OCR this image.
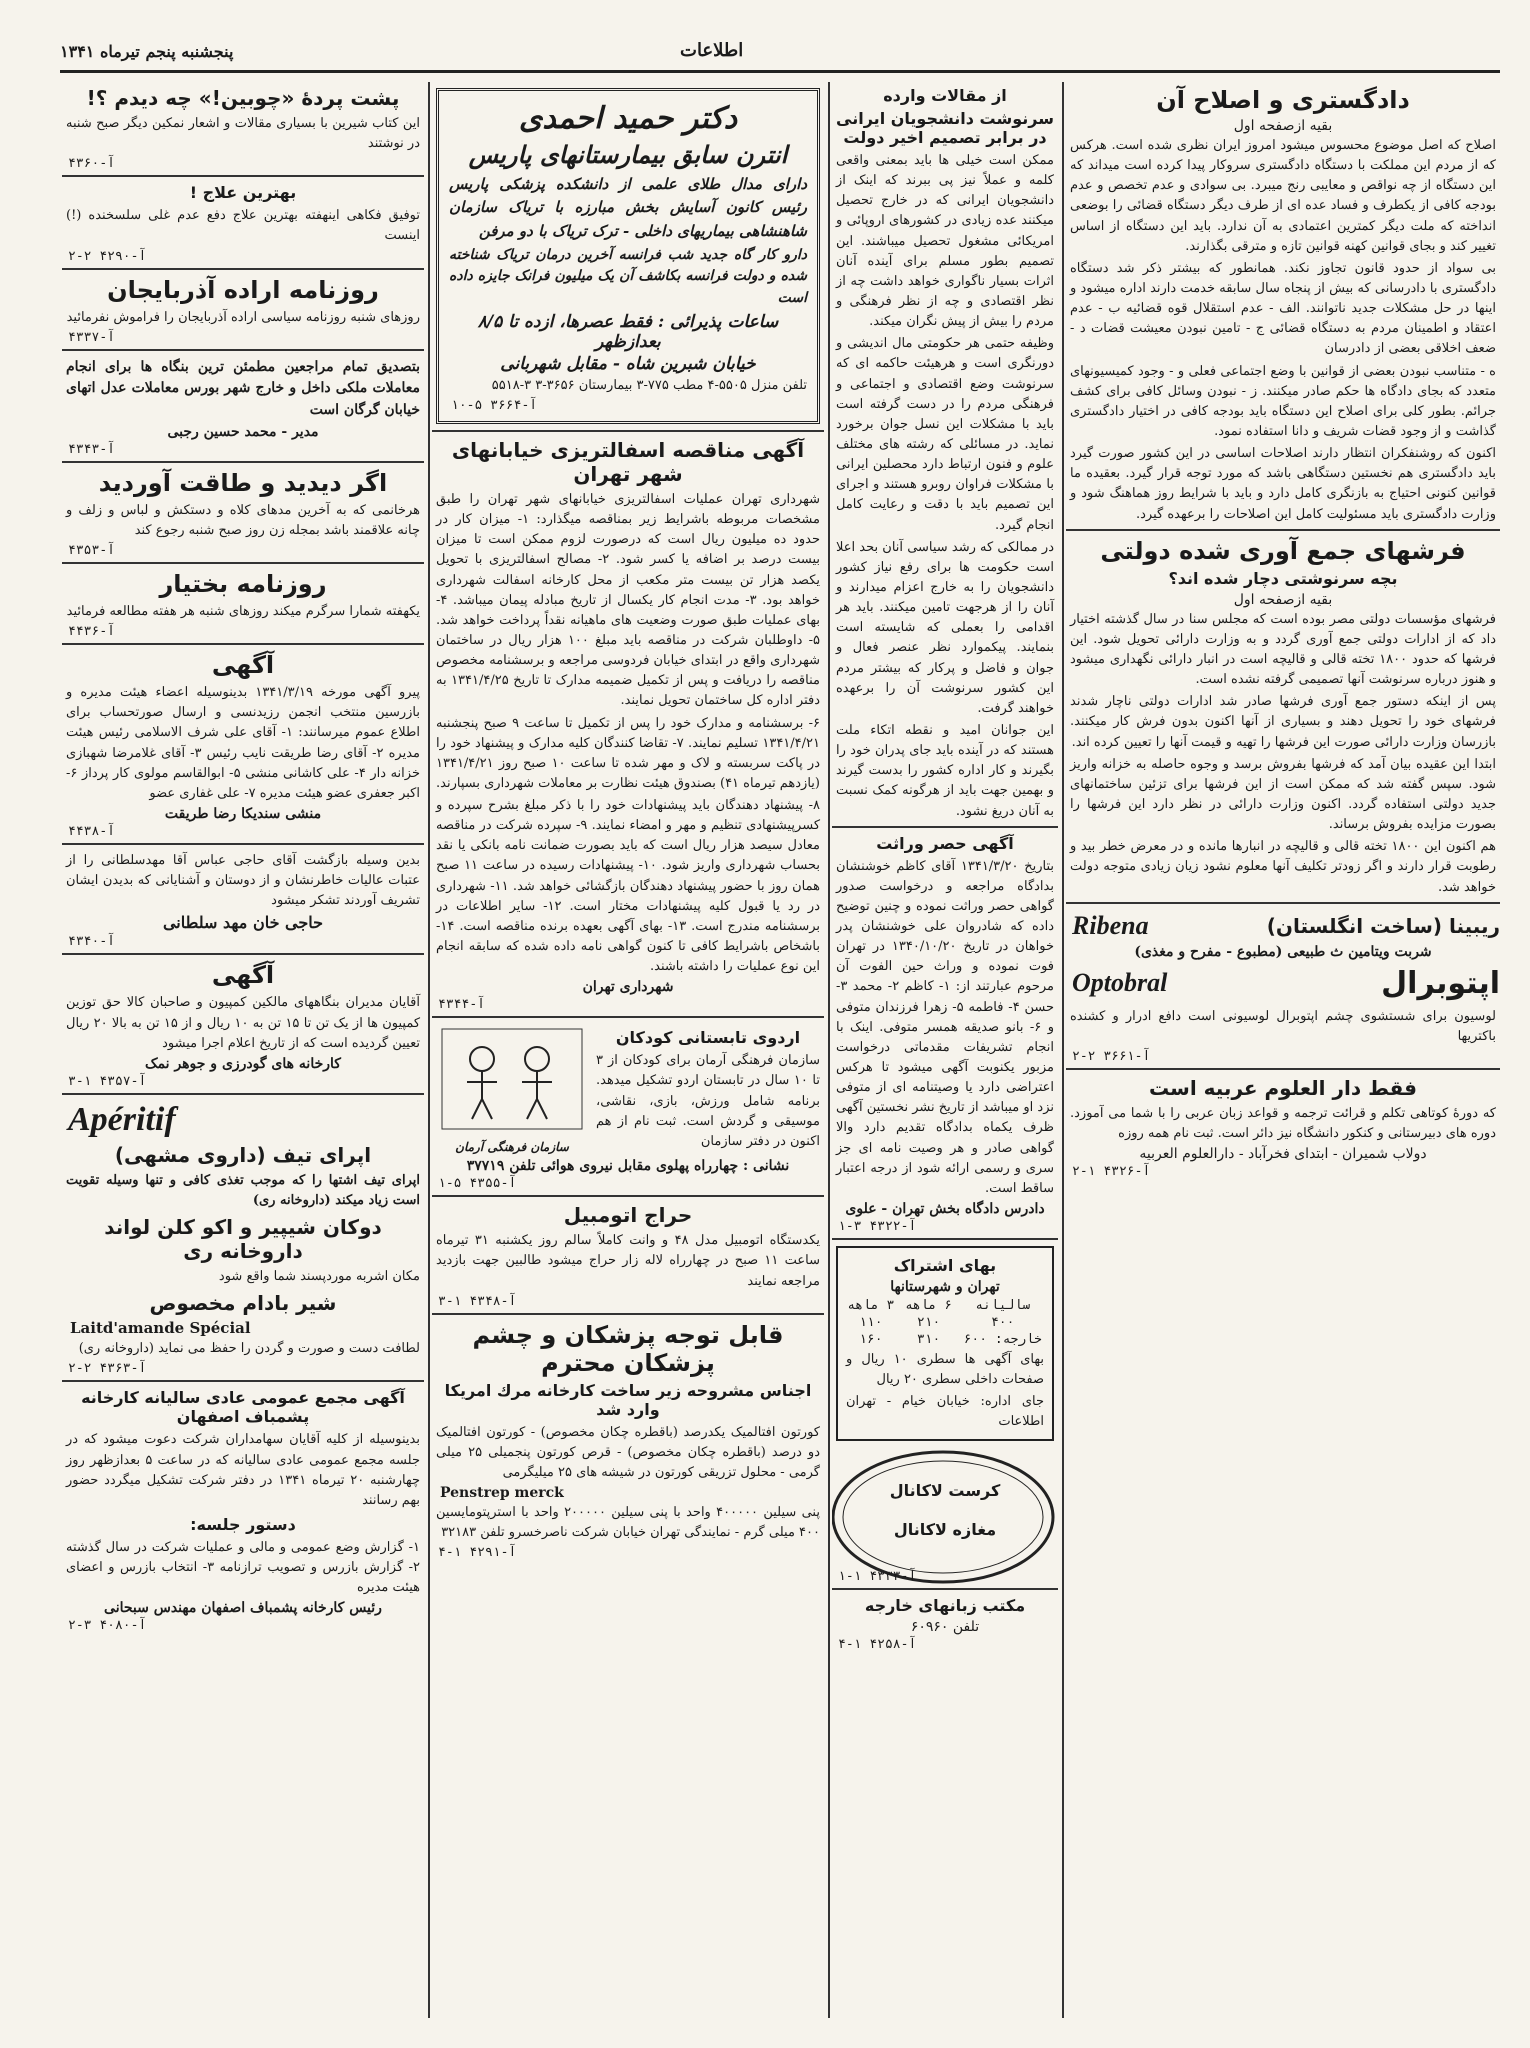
پنجشنبه پنجم تیرماه ۱۳۴۱	اطلاعات
پشت پردهٔ «چوبین!» چه دیدم ؟!
این کتاب شیرین با بسیاری مقالات و اشعار نمکین دیگر صبح شنبه در نوشتند
آ-۴۳۶۰
بهترین علاج !
توفیق فکاهی اینهفته بهترین علاج دفع عدم غلی سلسخنده (!) اینست
آ-۴۲۹۰ ۲-۲
روزنامه اراده آذربایجان
روزهای شنبه روزنامه سیاسی اراده آذربایجان را فراموش نفرمائید
آ-۴۳۳۷
بتصدیق تمام مراجعین مطمئن ترین بنگاه ها برای انجام معاملات ملکی داخل و خارج شهر بورس معاملات عدل اتهای خیابان گرگان است
مدیر - محمد حسین رجبی
آ-۴۳۴۳
اگر دیدید و طاقت آوردید
هرخانمی که به آخرین مدهای کلاه و دستکش و لباس و زلف و چانه علاقمند باشد بمجله زن روز صبح شنبه رجوع کند
آ-۴۳۵۳
روزنامه بختیار
یکهفته شمارا سرگرم میکند روزهای شنبه هر هفته مطالعه فرمائید
آ-۴۴۳۶
آگهی
پیرو آگهی مورخه ۱۳۴۱/۳/۱۹ بدینوسیله اعضاء هیئت مدیره و بازرسین منتخب انجمن رزیدنسی و ارسال صورتحساب برای اطلاع عموم میرسانند: ۱- آقای علی شرف الاسلامی رئیس هیئت مدیره ۲- آقای رضا طریقت نایب رئیس ۳- آقای غلامرضا شهبازی خزانه دار ۴- علی کاشانی منشی ۵- ابوالقاسم مولوی کار پرداز ۶- اکبر جعفری عضو هیئت مدیره ۷- علی غفاری عضو
منشی سندیکا رضا طریقت
آ-۴۴۳۸
بدین وسیله بازگشت آقای حاجی عباس آقا مهدسلطانی را از عتبات عالیات خاطرنشان و از دوستان و آشنایانی که بدیدن ایشان تشریف آوردند تشکر میشود
حاجی خان مهد سلطانی
آ-۴۳۴۰
آگهی
آقایان مدیران بنگاههای مالکین کمپیون و صاحبان کالا حق توزین کمپیون ها از یک تن تا ۱۵ تن به ۱۰ ریال و از ۱۵ تن به بالا ۲۰ ریال تعیین گردیده است که از تاریخ اعلام اجرا میشود
کارخانه های گودرزی و جوهر نمک
آ-۴۳۵۷ ۱-۳
Apéritif
اپرای تیف (داروی مشهی)
اپرای تیف اشتها را که موجب تغذی کافی و تنها وسیله تقویت است زیاد میکند (داروخانه ری)
دوکان شیپیر و اکو کلن لواند داروخانه ری
مکان اشربه موردپسند شما واقع شود
شیر بادام مخصوص
Laitd'amande Spécial
لطافت دست و صورت و گردن را حفظ می نماید (داروخانه ری)
آ-۴۳۶۳ ۲-۲
آگهی مجمع عمومی عادی سالیانه کارخانه پشمباف اصفهان
بدینوسیله از کلیه آقایان سهامداران شرکت دعوت میشود که در جلسه مجمع عمومی عادی سالیانه که در ساعت ۵ بعدازظهر روز چهارشنبه ۲۰ تیرماه ۱۳۴۱ در دفتر شرکت تشکیل میگردد حضور بهم رسانند
دستور جلسه:
۱- گزارش وضع عمومی و مالی و عملیات شرکت در سال گذشته ۲- گزارش بازرس و تصویب ترازنامه ۳- انتخاب بازرس و اعضای هیئت مدیره
رئیس کارخانه پشمباف اصفهان مهندس سبحانی
آ-۴۰۸۰ ۳-۲
دکتر حمید احمدی
انترن سابق بیمارستانهای پاریس
دارای مدال طلای علمی از دانشکده پزشکی پاریس رئیس کانون آسایش بخش مبارزه با تریاک سازمان شاهنشاهی بیماریهای داخلی - ترک تریاک با دو مرفن
دارو کار گاه جدید شب فرانسه آخرین درمان تریاک شناخته شده و دولت فرانسه بکاشف آن یک میلیون فرانک جایزه داده است
ساعات پذیرائی : فقط عصرها، ازده تا ۸/۵ بعدازظهر
خیابان شبرین شاه - مقابل شهربانی
تلفن منزل ۵۵۰۵-۴ مطب ۷۷۵-۳ بیمارستان ۳۶۵۶-۳ ۳-۵۵۱۸
آ-۳۶۶۴ ۵-۱۰
آگهی مناقصه اسفالتریزی خیابانهای شهر تهران
شهرداری تهران عملیات اسفالتریزی خیابانهای شهر تهران را طبق مشخصات مربوطه باشرایط زیر بمناقصه میگذارد: ۱- میزان کار در حدود ده میلیون ریال است که درصورت لزوم ممکن است تا میزان بیست درصد بر اضافه یا کسر شود. ۲- مصالح اسفالتریزی با تحویل یکصد هزار تن بیست متر مکعب از محل کارخانه اسفالت شهرداری خواهد بود. ۳- مدت انجام کار یکسال از تاریخ مبادله پیمان میباشد. ۴- بهای عملیات طبق صورت وضعیت های ماهیانه نقداً پرداخت خواهد شد. ۵- داوطلبان شرکت در مناقصه باید مبلغ ۱۰۰ هزار ریال در ساختمان شهرداری واقع در ابتدای خیابان فردوسی مراجعه و برسشنامه مخصوص مناقصه را دریافت و پس از تکمیل ضمیمه مدارک تا تاریخ ۱۳۴۱/۴/۲۵ به دفتر اداره کل ساختمان تحویل نمایند.
۶- برسشنامه و مدارک خود را پس از تکمیل تا ساعت ۹ صبح پنجشنبه ۱۳۴۱/۴/۲۱ تسلیم نمایند. ۷- تقاضا کنندگان کلیه مدارک و پیشنهاد خود را در پاکت سربسته و لاک و مهر شده تا ساعت ۱۰ صبح روز ۱۳۴۱/۴/۲۱ (یازدهم تیرماه ۴۱) بصندوق هیئت نظارت بر معاملات شهرداری بسپارند.
۸- پیشنهاد دهندگان باید پیشنهادات خود را با ذکر مبلغ بشرح سپرده و کسرپیشنهادی تنظیم و مهر و امضاء نمایند. ۹- سپرده شرکت در مناقصه معادل سیصد هزار ریال است که باید بصورت ضمانت نامه بانکی یا نقد بحساب شهرداری واریز شود. ۱۰- پیشنهادات رسیده در ساعت ۱۱ صبح همان روز با حضور پیشنهاد دهندگان بازگشائی خواهد شد. ۱۱- شهرداری در رد یا قبول کلیه پیشنهادات مختار است. ۱۲- سایر اطلاعات در برسشنامه مندرج است. ۱۳- بهای آگهی بعهده برنده مناقصه است. ۱۴- باشخاص باشرایط کافی تا کنون گواهی نامه داده شده که سابقه انجام این نوع عملیات را داشته باشند.
شهرداری تهران
آ-۴۳۴۴
اردوی تابستانی کودکان
سازمان فرهنگی آرمان برای کودکان از ۳ تا ۱۰ سال در تابستان اردو تشکیل میدهد. برنامه شامل ورزش، بازی، نقاشی، موسیقی و گردش است. ثبت نام از هم اکنون در دفتر سازمان
سازمان فرهنگی آرمان
نشانی : چهارراه پهلوی مقابل نیروی هوائی تلفن ۳۷۷۱۹
آ-۴۳۵۵ ۵-۱
حراج اتومبیل
یکدستگاه اتومبیل مدل ۴۸ و وانت کاملاً سالم روز یکشنبه ۳۱ تیرماه ساعت ۱۱ صبح در چهارراه لاله زار حراج میشود طالبین جهت بازدید مراجعه نمایند
آ-۴۳۴۸ ۱-۳
قابل توجه پزشکان و چشم پزشکان محترم
اجناس مشروحه زیر ساخت کارخانه مرك امریکا وارد شد
کورتون افتالمیک یکدرصد (باقطره چکان مخصوص) - کورتون افتالمیک دو درصد (باقطره چکان مخصوص) - قرص کورتون پنجمیلی ۲۵ میلی گرمی - محلول تزریقی کورتون در شیشه های ۲۵ میلیگرمی
Penstrep merck
پنی سیلین ۴۰۰۰۰۰ واحد با پنی سیلین ۲۰۰۰۰۰ واحد با استرپتومایسین ۴۰۰ میلی گرم - نمایندگی تهران خیابان شرکت ناصرخسرو تلفن ۳۲۱۸۳
آ-۴۲۹۱ ۱-۴
از مقالات وارده
سرنوشت دانشجویان ایرانی در برابر تصمیم اخیر دولت
ممکن است خیلی ها باید بمعنی واقعی کلمه و عملاً نیز پی ببرند که اینک از دانشجویان ایرانی که در خارج تحصیل میکنند عده زیادی در کشورهای اروپائی و امریکائی مشغول تحصیل میباشند. این تصمیم بطور مسلم برای آینده آنان اثرات بسیار ناگواری خواهد داشت چه از نظر اقتصادی و چه از نظر فرهنگی و مردم را بیش از پیش نگران میکند.
وظیفه حتمی هر حکومتی مال اندیشی و دورنگری است و هرهیئت حاکمه ای که سرنوشت وضع اقتصادی و اجتماعی و فرهنگی مردم را در دست گرفته است باید با مشکلات این نسل جوان برخورد نماید. در مسائلی که رشته های مختلف علوم و فنون ارتباط دارد محصلین ایرانی با مشکلات فراوان روبرو هستند و اجرای این تصمیم باید با دقت و رعایت کامل انجام گیرد.
در ممالکی که رشد سیاسی آنان بحد اعلا است حکومت ها برای رفع نیاز کشور دانشجویان را به خارج اعزام میدارند و آنان را از هرجهت تامین میکنند. باید هر اقدامی را بعملی که شایسته است بنمایند. پیکموارد نظر عنصر فعال و جوان و فاضل و پرکار که بیشتر مردم این کشور سرنوشت آن را برعهده خواهند گرفت.
این جوانان امید و نقطه اتکاء ملت هستند که در آینده باید جای پدران خود را بگیرند و کار اداره کشور را بدست گیرند و بهمین جهت باید از هرگونه کمک نسبت به آنان دریغ نشود.
آگهی حصر وراثت
بتاریخ ۱۳۴۱/۳/۲۰ آقای کاظم خوشنشان بدادگاه مراجعه و درخواست صدور گواهی حصر وراثت نموده و چنین توضیح داده که شادروان علی خوشنشان پدر خواهان در تاریخ ۱۳۴۰/۱۰/۲۰ در تهران فوت نموده و وراث حین الفوت آن مرحوم عبارتند از: ۱- کاظم ۲- محمد ۳- حسن ۴- فاطمه ۵- زهرا فرزندان متوفی و ۶- بانو صدیقه همسر متوفی. اینک با انجام تشریفات مقدماتی درخواست مزبور یکنوبت آگهی میشود تا هرکس اعتراضی دارد یا وصیتنامه ای از متوفی نزد او میباشد از تاریخ نشر نخستین آگهی ظرف یکماه بدادگاه تقدیم دارد والا گواهی صادر و هر وصیت نامه ای جز سری و رسمی ارائه شود از درجه اعتبار ساقط است.
دادرس دادگاه بخش تهران - علوی
آ-۴۳۲۲ ۳-۱
بهای اشتراک
تهران و شهرستانها
ساليانه	۶ ماهه	۳ ماهه
۴۰۰	۲۱۰	۱۱۰
خارجه: ۶۰۰	۳۱۰	۱۶۰
بهای آگهی ها سطری ۱۰ ریال و صفحات داخلی سطری ۲۰ ریال
جای اداره: خیابان خیام - تهران اطلاعات
کرست لاکانال
مغازه لاکانال
آ-۴۳۳۳ ۱-۱
مکتب زبانهای خارجه
تلفن ۶۰۹۶۰
آ-۴۲۵۸ ۱-۴
دادگستری و اصلاح آن
بقیه ازصفحه اول
اصلاح که اصل موضوع محسوس میشود امروز ایران نظری شده است. هرکس که از مردم این مملکت با دستگاه دادگستری سروکار پیدا کرده است میداند که این دستگاه از چه نواقص و معایبی رنج میبرد. بی سوادی و عدم تخصص و عدم بودجه کافی از یکطرف و فساد عده ای از طرف دیگر دستگاه قضائی را بوضعی انداخته که ملت دیگر کمترین اعتمادی به آن ندارد. باید این دستگاه از اساس تغییر کند و بجای قوانین کهنه قوانین تازه و مترقی بگذارند.
بی سواد از حدود قانون تجاوز نکند. همانطور که بیشتر ذکر شد دستگاه دادگستری با دادرسانی که بیش از پنجاه سال سابقه خدمت دارند اداره میشود و اینها در حل مشکلات جدید ناتوانند. الف - عدم استقلال قوه قضائیه ب - عدم اعتقاد و اطمینان مردم به دستگاه قضائی ج - تامین نبودن معیشت قضات د - ضعف اخلاقی بعضی از دادرسان
ه - متناسب نبودن بعضی از قوانین با وضع اجتماعی فعلی و - وجود کمیسیونهای متعدد که بجای دادگاه ها حکم صادر میکنند. ز - نبودن وسائل کافی برای کشف جرائم. بطور کلی برای اصلاح این دستگاه باید بودجه کافی در اختیار دادگستری گذاشت و از وجود قضات شریف و دانا استفاده نمود.
اکنون که روشنفکران انتظار دارند اصلاحات اساسی در این کشور صورت گیرد باید دادگستری هم نخستین دستگاهی باشد که مورد توجه قرار گیرد. بعقیده ما قوانین کنونی احتیاج به بازنگری کامل دارد و باید با شرایط روز هماهنگ شود و وزارت دادگستری باید مسئولیت کامل این اصلاحات را برعهده گیرد.
فرشهای جمع آوری شده دولتی
بچه سرنوشتی دچار شده اند؟
بقیه ازصفحه اول
فرشهای مؤسسات دولتی مصر بوده است که مجلس سنا در سال گذشته اختیار داد که از ادارات دولتی جمع آوری گردد و به وزارت دارائی تحویل شود. این فرشها که حدود ۱۸۰۰ تخته قالی و قالیچه است در انبار دارائی نگهداری میشود و هنوز درباره سرنوشت آنها تصمیمی گرفته نشده است.
پس از اینکه دستور جمع آوری فرشها صادر شد ادارات دولتی ناچار شدند فرشهای خود را تحویل دهند و بسیاری از آنها اکنون بدون فرش کار میکنند. بازرسان وزارت دارائی صورت این فرشها را تهیه و قیمت آنها را تعیین کرده اند.
ابتدا این عقیده بیان آمد که فرشها بفروش برسد و وجوه حاصله به خزانه واریز شود. سپس گفته شد که ممکن است از این فرشها برای تزئین ساختمانهای جدید دولتی استفاده گردد. اکنون وزارت دارائی در نظر دارد این فرشها را بصورت مزایده بفروش برساند.
هم اکنون این ۱۸۰۰ تخته قالی و قالیچه در انبارها مانده و در معرض خطر بید و رطوبت قرار دارند و اگر زودتر تکلیف آنها معلوم نشود زیان زیادی متوجه دولت خواهد شد.
ریبینا (ساخت انگلستان)
Ribena
شربت ویتامین ث طبیعی (مطبوع - مفرح و مغذی)
اپتوبرال
Optobral
لوسیون برای شستشوی چشم اپتوبرال لوسیونی است دافع ادرار و کشنده باکتریها
آ-۳۶۶۱ ۲-۲
فقط دار العلوم عربیه است
که دورهٔ کوتاهی تکلم و قرائت ترجمه و قواعد زبان عربی را با شما می آموزد. دوره های دبیرستانی و کنکور دانشگاه نیز دائر است. ثبت نام همه روزه
دولاب شمیران - ابتدای فخرآباد - دارالعلوم العربیه
آ-۴۳۲۶ ۱-۲
